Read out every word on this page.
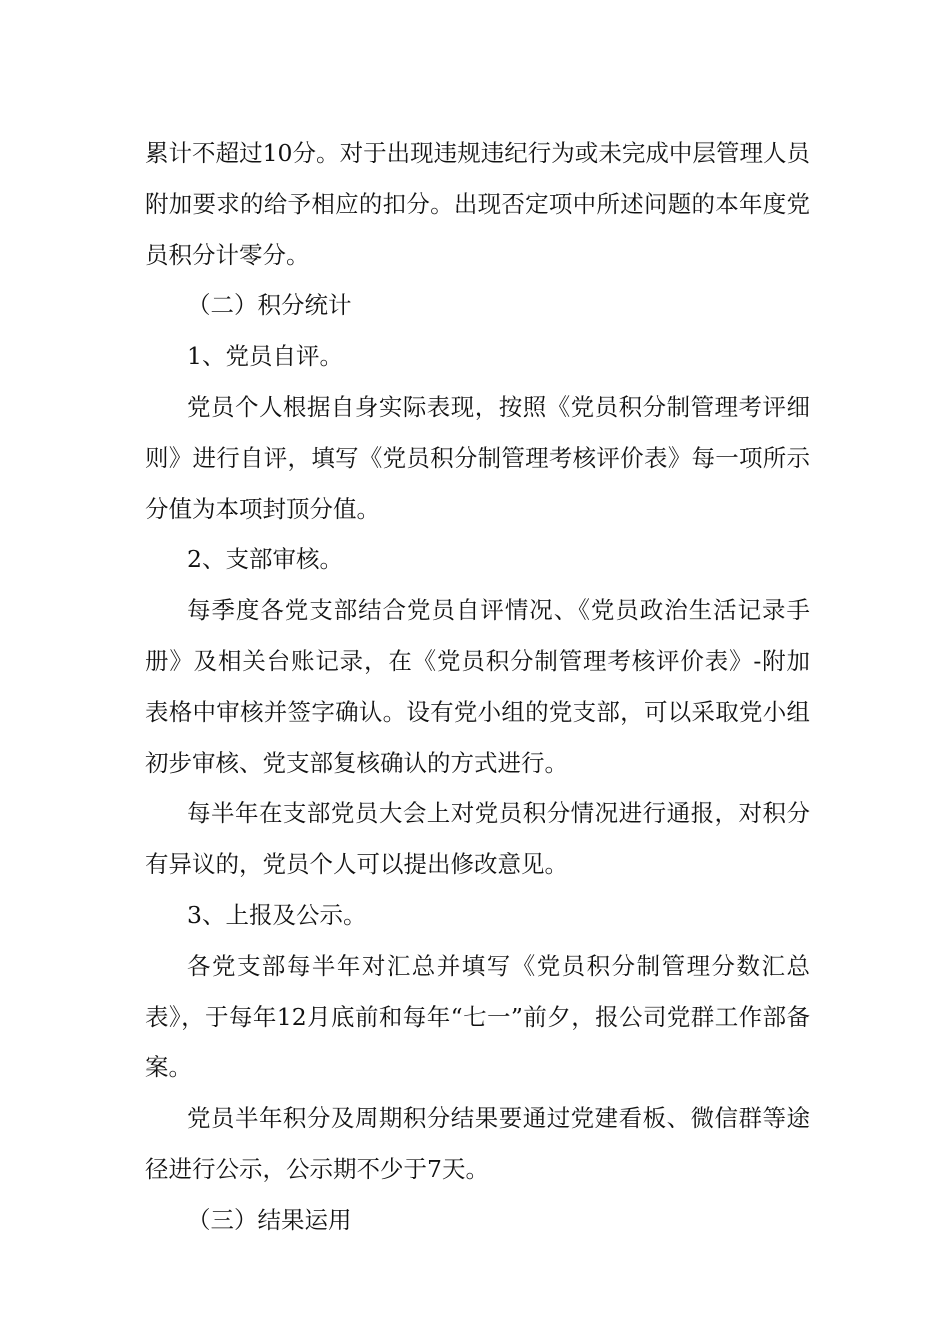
累计不超过10分。对于出现违规违纪行为或未完成中层管理人员附加要求的给予相应的扣分。出现否定项中所述问题的本年度党员积分计零分。

（二）积分统计

1、党员自评。

党员个人根据自身实际表现，按照《党员积分制管理考评细则》进行自评，填写《党员积分制管理考核评价表》每一项所示分值为本项封顶分值。

2、支部审核。

每季度各党支部结合党员自评情况、《党员政治生活记录手册》及相关台账记录，在《党员积分制管理考核评价表》-附加表格中审核并签字确认。设有党小组的党支部，可以采取党小组初步审核、党支部复核确认的方式进行。

每半年在支部党员大会上对党员积分情况进行通报，对积分有异议的，党员个人可以提出修改意见。

3、上报及公示。

各党支部每半年对汇总并填写《党员积分制管理分数汇总表》，于每年12月底前和每年“七一”前夕，报公司党群工作部备案。

党员半年积分及周期积分结果要通过党建看板、微信群等途径进行公示，公示期不少于7天。

（三）结果运用
